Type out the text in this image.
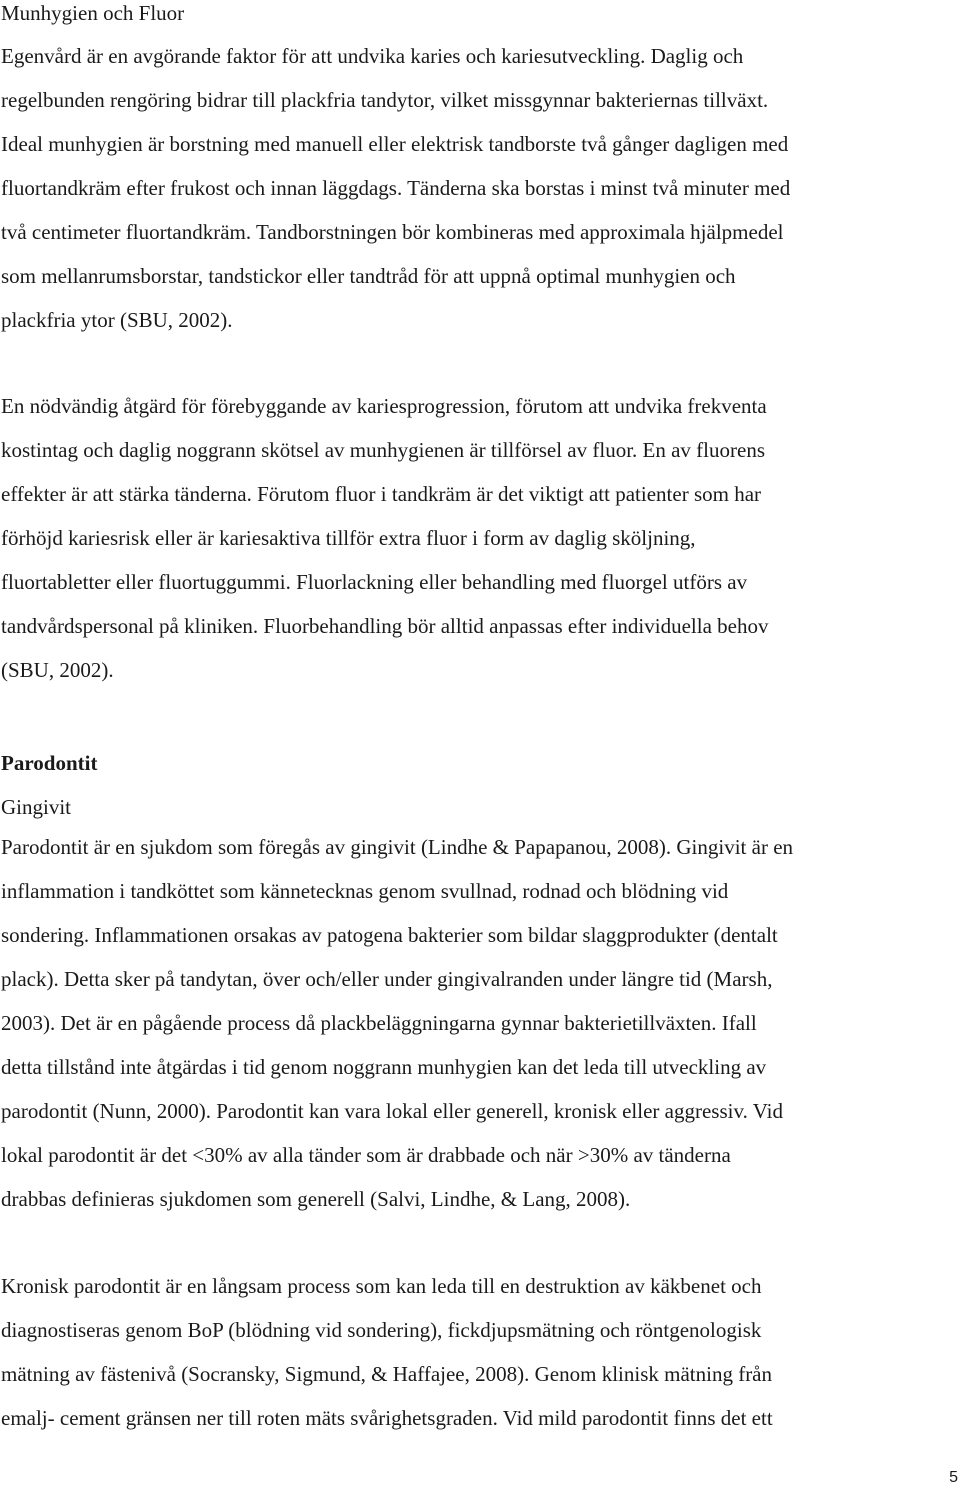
Munhygien och Fluor

Egenvård är en avgörande faktor för att undvika karies och kariesutveckling. Daglig och
regelbunden rengöring bidrar till plackfria tandytor, vilket missgynnar bakteriernas tillväxt.
Ideal munhygien är borstning med manuell eller elektrisk tandborste två gånger dagligen med
fluortandkräm efter frukost och innan läggdags. Tänderna ska borstas i minst två minuter med
två centimeter fluortandkräm. Tandborstningen bör kombineras med approximala hjälpmedel
som mellanrumsborstar, tandstickor eller tandtråd för att uppnå optimal munhygien och
plackfria ytor (SBU, 2002).

En nödvändig åtgärd för förebyggande av kariesprogression, förutom att undvika frekventa
kostintag och daglig noggrann skötsel av munhygienen är tillförsel av fluor. En av fluorens
effekter är att stärka tänderna. Förutom fluor i tandkräm är det viktigt att patienter som har
förhöjd kariesrisk eller är kariesaktiva tillför extra fluor i form av daglig sköljning,
fluortabletter eller fluortuggummi. Fluorlackning eller behandling med fluorgel utförs av
tandvårdspersonal på kliniken. Fluorbehandling bör alltid anpassas efter individuella behov
(SBU, 2002).

Parodontit
Gingivit

Parodontit är en sjukdom som föregås av gingivit (Lindhe & Papapanou, 2008). Gingivit är en
inflammation i tandköttet som kännetecknas genom svullnad, rodnad och blödning vid
sondering. Inflammationen orsakas av patogena bakterier som bildar slaggprodukter (dentalt
plack). Detta sker på tandytan, över och/eller under gingivalranden under längre tid (Marsh,
2003). Det är en pågående process då plackbeläggningarna gynnar bakterietillväxten. Ifall
detta tillstånd inte åtgärdas i tid genom noggrann munhygien kan det leda till utveckling av
parodontit (Nunn, 2000). Parodontit kan vara lokal eller generell, kronisk eller aggressiv. Vid
lokal parodontit är det <30% av alla tänder som är drabbade och när >30% av tänderna
drabbas definieras sjukdomen som generell (Salvi, Lindhe, & Lang, 2008).

Kronisk parodontit är en långsam process som kan leda till en destruktion av käkbenet och
diagnostiseras genom BoP (blödning vid sondering), fickdjupsmätning och röntgenologisk
mätning av fästenivå (Socransky, Sigmund, & Haffajee, 2008). Genom klinisk mätning från
emalj- cement gränsen ner till roten mäts svårighetsgraden. Vid mild parodontit finns det ett

5
